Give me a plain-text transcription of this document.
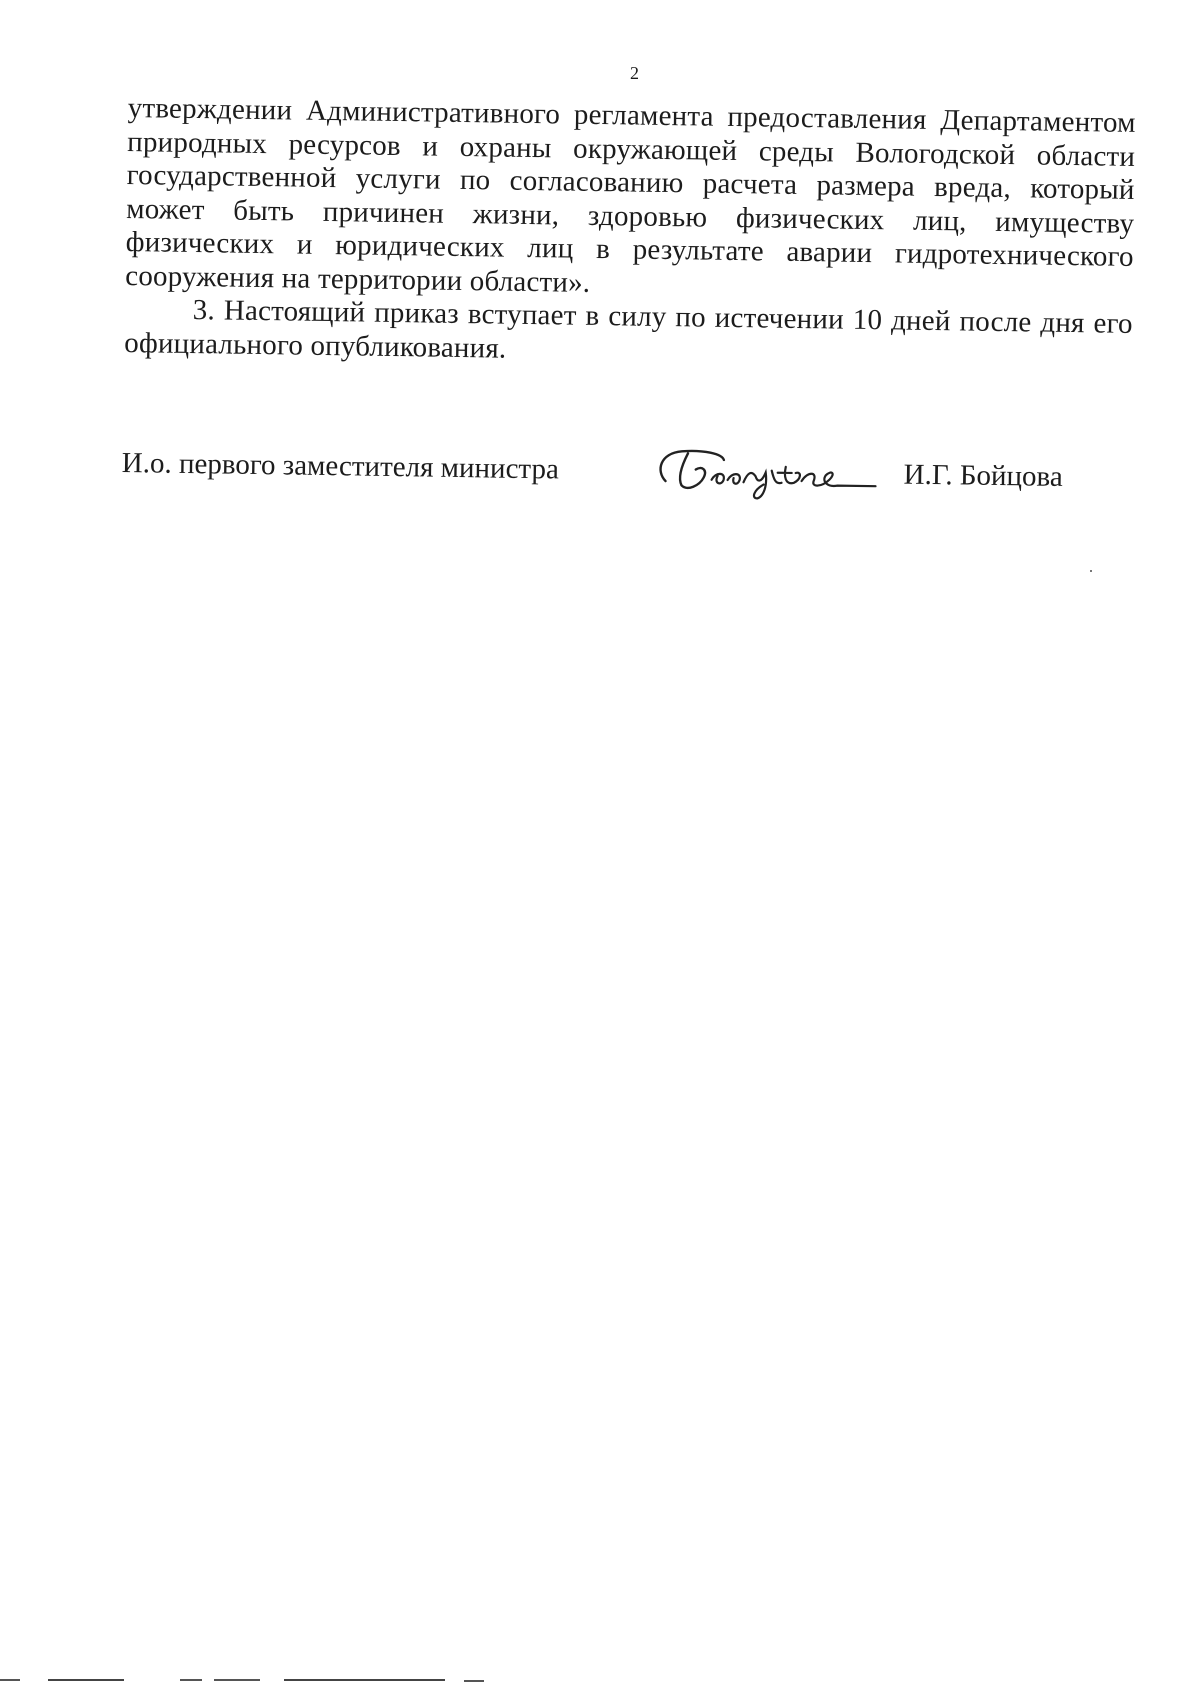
2

утверждении Административного регламента предоставления Департаментом природных ресурсов и охраны окружающей среды Вологодской области государственной услуги по согласованию расчета размера вреда, который может быть причинен жизни, здоровью физических лиц, имуществу физических и юридических лиц в результате аварии гидротехнического сооружения на территории области».

3. Настоящий приказ вступает в силу по истечении 10 дней после дня его официального опубликования.

И.о. первого заместителя министра	И.Г. Бойцова
